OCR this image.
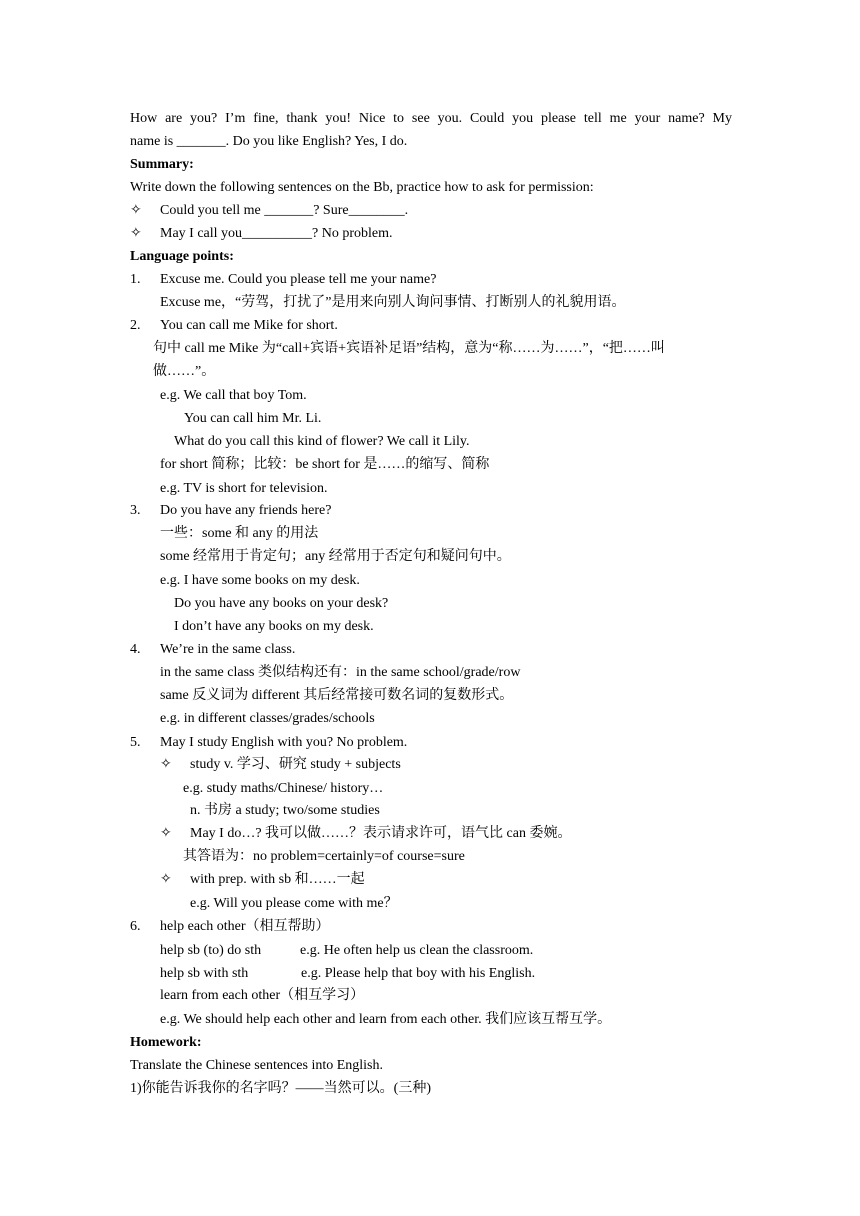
How are you? I’m fine, thank you! Nice to see you. Could you please tell me your name? My
name is _______. Do you like English? Yes, I do.
Summary:
Write down the following sentences on the Bb, practice how to ask for permission:
✧ Could you tell me _______? Sure________.
✧ May I call you__________? No problem.
Language points:
1. Excuse me. Could you please tell me your name?
Excuse me，“劳驾，打扰了”是用来向别人询问事情、打断别人的礼貌用语。
2. You can call me Mike for short.
句中 call me Mike 为“call+宾语+宾语补足语”结构，意为“称……为……”，“把……叫
做……”。
e.g. We call that boy Tom.
You can call him Mr. Li.
What do you call this kind of flower? We call it Lily.
for short 简称；比较：be short for 是……的缩写、简称
e.g. TV is short for television.
3. Do you have any friends here?
一些：some 和 any 的用法
some 经常用于肯定句；any 经常用于否定句和疑问句中。
e.g. I have some books on my desk.
Do you have any books on your desk?
I don’t have any books on my desk.
4. We’re in the same class.
in the same class 类似结构还有：in the same school/grade/row
same 反义词为 different 其后经常接可数名词的复数形式。
e.g. in different classes/grades/schools
5. May I study English with you? No problem.
✧ study v. 学习、研究 study + subjects
e.g. study maths/Chinese/ history…
n. 书房 a study; two/some studies
✧ May I do…? 我可以做……？表示请求许可，语气比 can 委婉。
其答语为：no problem=certainly=of course=sure
✧ with prep. with sb 和……一起
e.g. Will you please come with me？
6. help each other（相互帮助）
help sb (to) do sth	e.g. He often help us clean the classroom.
help sb with sth	e.g. Please help that boy with his English.
learn from each other（相互学习）
e.g. We should help each other and learn from each other. 我们应该互帮互学。
Homework:
Translate the Chinese sentences into English.
1)你能告诉我你的名字吗？——当然可以。(三种)
